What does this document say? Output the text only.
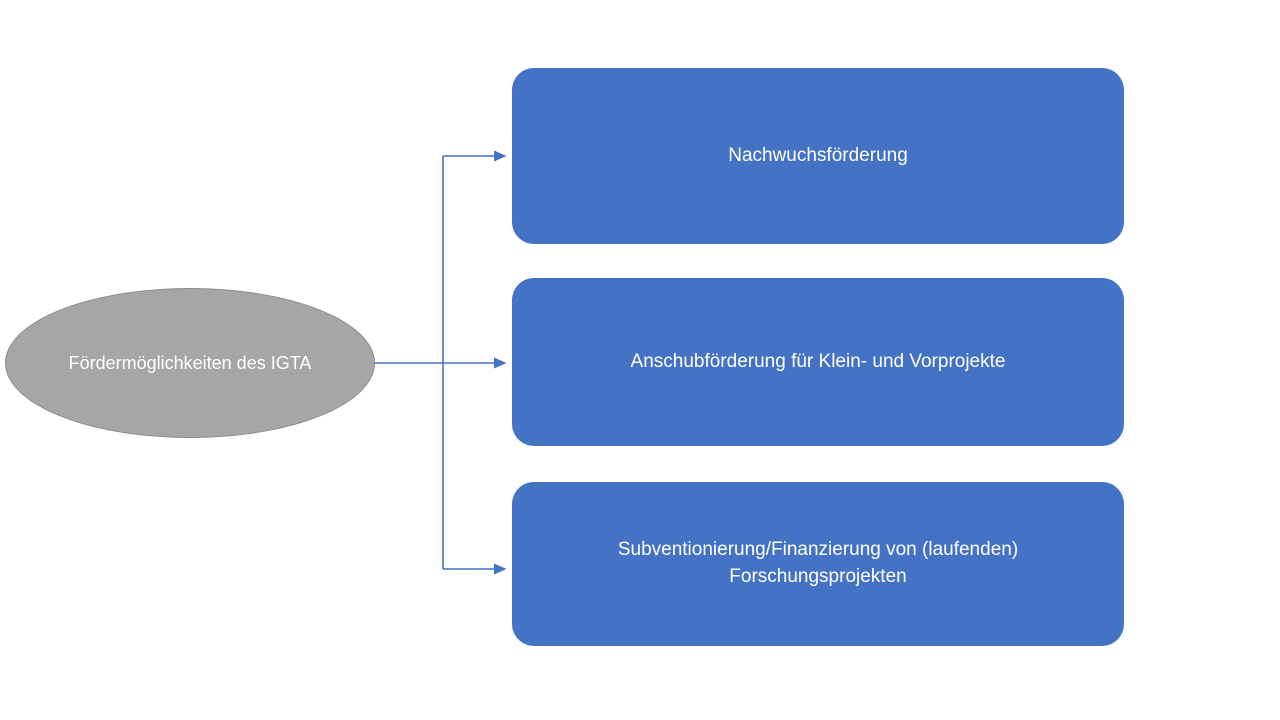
Fördermöglichkeiten des IGTA
Nachwuchsförderung
Anschubförderung für Klein- und Vorprojekte
Subventionierung/Finanzierung von (laufenden) Forschungsprojekten
